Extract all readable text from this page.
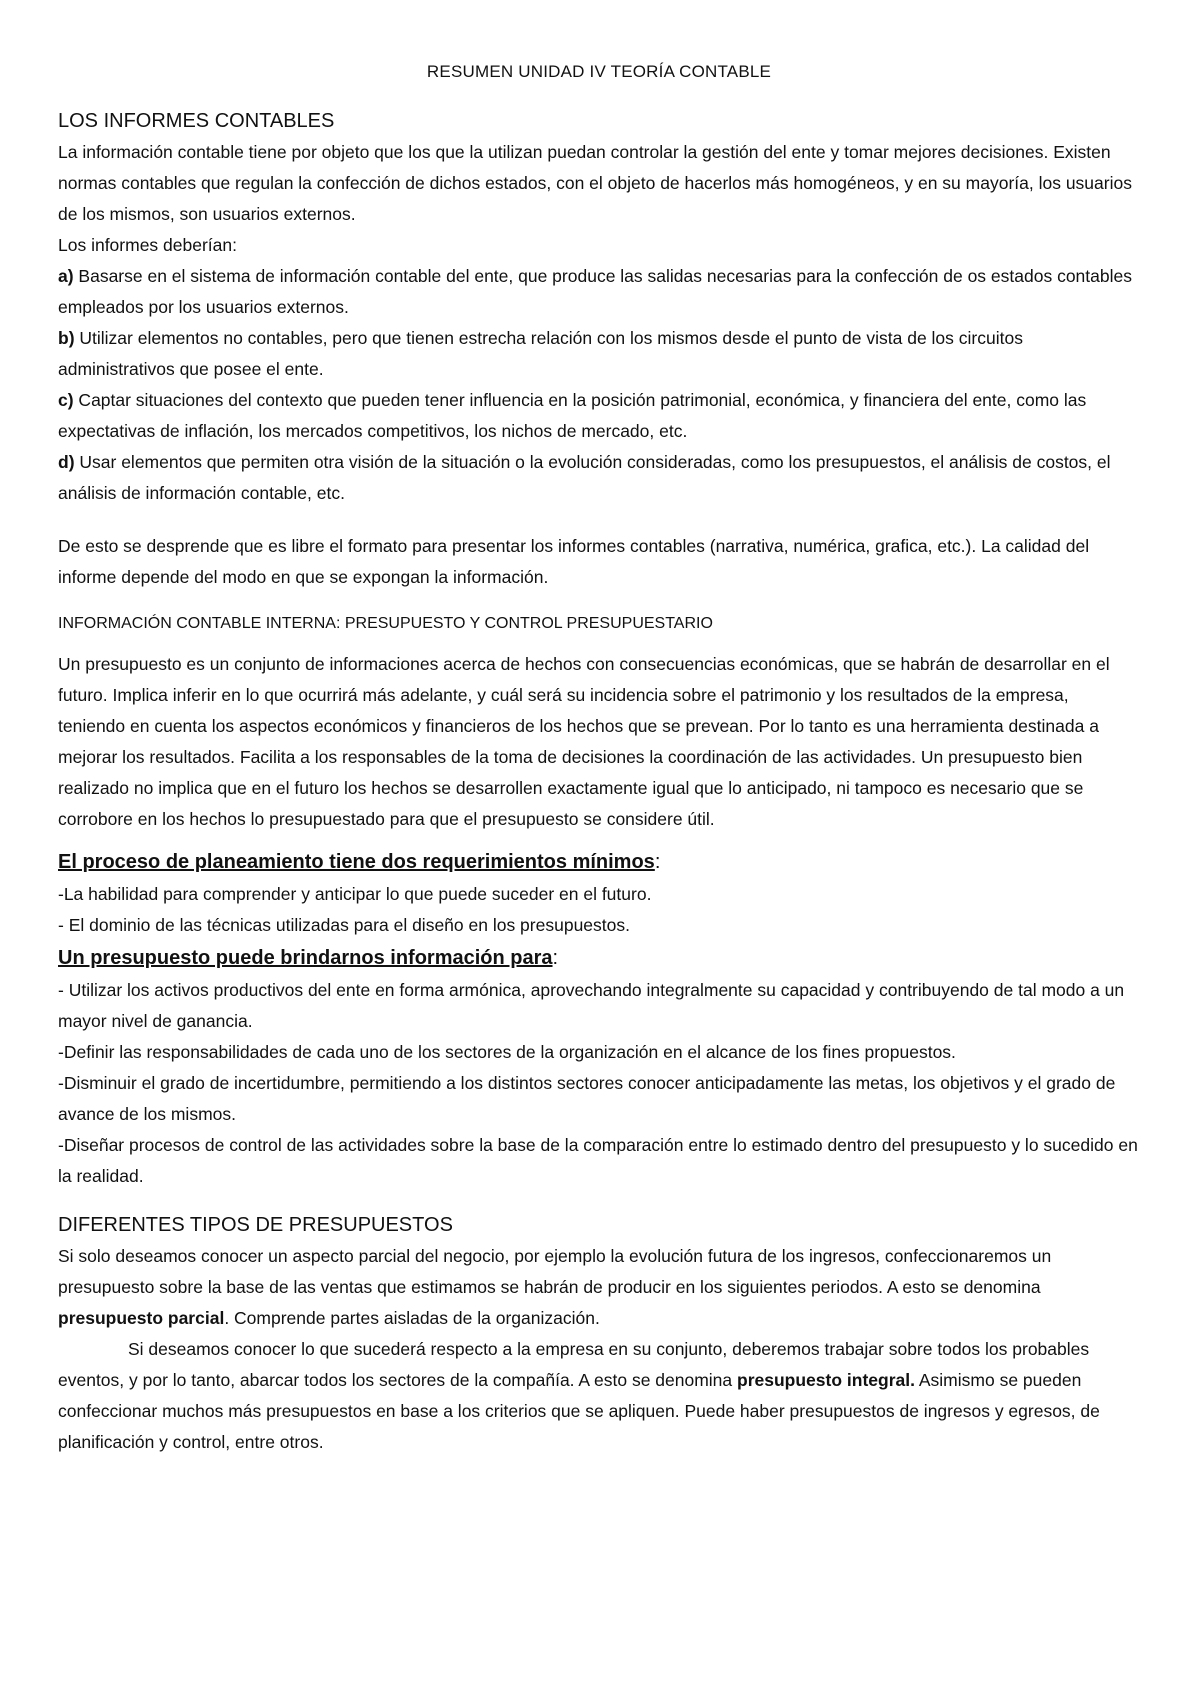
RESUMEN UNIDAD IV TEORÍA CONTABLE
LOS INFORMES CONTABLES

La información contable tiene por objeto que los que la utilizan puedan controlar la gestión del ente y tomar mejores decisiones. Existen normas contables que regulan la confección de dichos estados, con el objeto de hacerlos más homogéneos, y en su mayoría, los usuarios de los mismos, son usuarios externos.

Los informes deberían:

a) Basarse en el sistema de información contable del ente, que produce las salidas necesarias para la confección de os estados contables empleados por los usuarios externos.

b) Utilizar elementos no contables, pero que tienen estrecha relación con los mismos desde el punto de vista de los circuitos administrativos que posee el ente.

c) Captar situaciones del contexto que pueden tener influencia en la posición patrimonial, económica, y financiera del ente, como las expectativas de inflación, los mercados competitivos, los nichos de mercado, etc.

d) Usar elementos que permiten otra visión de la situación o la evolución consideradas, como los presupuestos, el análisis de costos, el análisis de información contable, etc.

De esto se desprende que es libre el formato para presentar los informes contables (narrativa, numérica, grafica, etc.). La calidad del informe depende del modo en que se expongan la información.

INFORMACIÓN CONTABLE INTERNA: PRESUPUESTO Y CONTROL PRESUPUESTARIO

Un presupuesto es un conjunto de informaciones acerca de hechos con consecuencias económicas, que se habrán de desarrollar en el futuro. Implica inferir en lo que ocurrirá más adelante, y cuál será su incidencia sobre el patrimonio y los resultados de la empresa, teniendo en cuenta los aspectos económicos y financieros de los hechos que se prevean. Por lo tanto es una herramienta destinada a mejorar los resultados. Facilita a los responsables de la toma de decisiones la coordinación de las actividades. Un presupuesto bien realizado no implica que en el futuro los hechos se desarrollen exactamente igual que lo anticipado, ni tampoco es necesario que se corrobore en los hechos lo presupuestado para que el presupuesto se considere útil.

El proceso de planeamiento tiene dos requerimientos mínimos:

-La habilidad para comprender y anticipar lo que puede suceder en el futuro.

- El dominio de las técnicas utilizadas para el diseño en los presupuestos.

Un presupuesto puede brindarnos información para:

- Utilizar los activos productivos del ente en forma armónica, aprovechando integralmente su capacidad y contribuyendo de tal modo a un mayor nivel de ganancia.

-Definir las responsabilidades de cada uno de los sectores de la organización en el alcance de los fines propuestos.

-Disminuir el grado de incertidumbre, permitiendo a los distintos sectores conocer anticipadamente las metas, los objetivos y el grado de avance de los mismos.

-Diseñar procesos de control de las actividades sobre la base de la comparación entre lo estimado dentro del presupuesto y lo sucedido en la realidad.

DIFERENTES TIPOS DE PRESUPUESTOS

Si solo deseamos conocer un aspecto parcial del negocio, por ejemplo la evolución futura de los ingresos, confeccionaremos un presupuesto sobre la base de las ventas que estimamos se habrán de producir en los siguientes periodos. A esto se denomina presupuesto parcial. Comprende partes aisladas de la organización.

Si deseamos conocer lo que sucederá respecto a la empresa en su conjunto, deberemos trabajar sobre todos los probables eventos, y por lo tanto, abarcar todos los sectores de la compañía. A esto se denomina presupuesto integral. Asimismo se pueden confeccionar muchos más presupuestos en base a los criterios que se apliquen. Puede haber presupuestos de ingresos y egresos, de planificación y control, entre otros.
